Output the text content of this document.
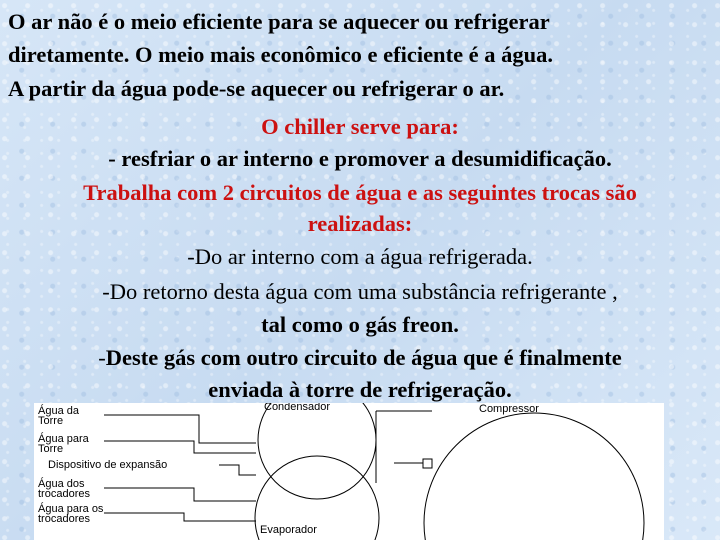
O ar não é o meio eficiente para se aquecer ou refrigerar
diretamente. O meio mais econômico e eficiente é a água.
A partir da água pode-se aquecer ou refrigerar o ar.
O chiller serve para:
- resfriar o ar interno e promover a desumidificação.
Trabalha com 2 circuitos de água e as seguintes trocas são
realizadas:
-Do ar interno com a água refrigerada.
-Do retorno desta água com uma substância refrigerante ,
tal como o gás freon.
-Deste gás com outro circuito de água que é finalmente
enviada à torre de refrigeração.
Água da
Torre
Água para
Torre
Dispositivo de expansão
Água dos
trocadores
Água para os
trocadores
Condensador	Compressor
Evaporador
